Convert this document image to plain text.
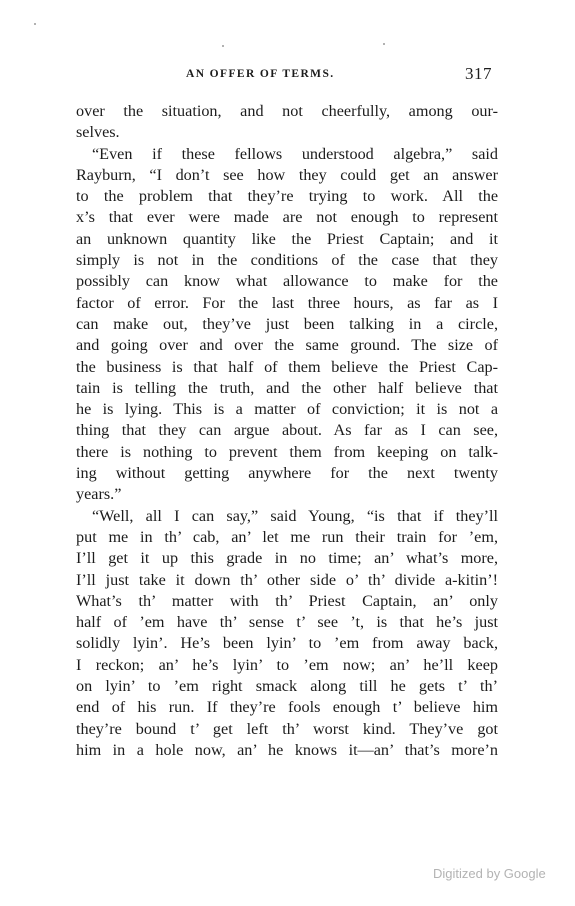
AN OFFER OF TERMS.	317
over the situation, and not cheerfully, among our-
selves.
“Even if these fellows understood algebra,” said
Rayburn, “I don’t see how they could get an answer
to the problem that they’re trying to work. All the
x’s that ever were made are not enough to represent
an unknown quantity like the Priest Captain; and it
simply is not in the conditions of the case that they
possibly can know what allowance to make for the
factor of error. For the last three hours, as far as I
can make out, they’ve just been talking in a circle,
and going over and over the same ground. The size of
the business is that half of them believe the Priest Cap-
tain is telling the truth, and the other half believe that
he is lying. This is a matter of conviction; it is not a
thing that they can argue about. As far as I can see,
there is nothing to prevent them from keeping on talk-
ing without getting anywhere for the next twenty
years.”
“Well, all I can say,” said Young, “is that if they’ll
put me in th’ cab, an’ let me run their train for ’em,
I’ll get it up this grade in no time; an’ what’s more,
I’ll just take it down th’ other side o’ th’ divide a-kitin’!
What’s th’ matter with th’ Priest Captain, an’ only
half of ’em have th’ sense t’ see ’t, is that he’s just
solidly lyin’. He’s been lyin’ to ’em from away back,
I reckon; an’ he’s lyin’ to ’em now; an’ he’ll keep
on lyin’ to ’em right smack along till he gets t’ th’
end of his run. If they’re fools enough t’ believe him
they’re bound t’ get left th’ worst kind. They’ve got
him in a hole now, an’ he knows it—an’ that’s more’n
Digitized by Google
